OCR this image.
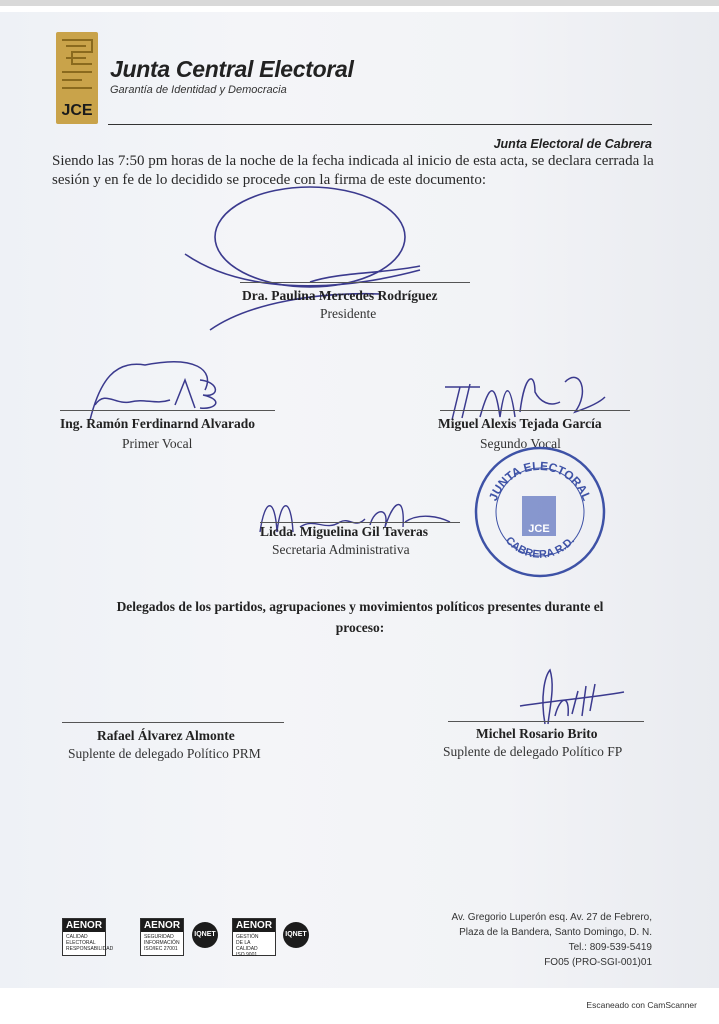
JCE
Junta Central Electoral
Garantía de Identidad y Democracia
Junta Electoral de Cabrera
Siendo las 7:50 pm horas de la noche de la fecha indicada al inicio de esta acta, se declara cerrada la sesión y en fe de lo decidido se procede con la firma de este documento:
Dra. Paulina Mercedes Rodríguez
Presidente
Ing. Ramón Ferdinarnd Alvarado
Primer Vocal
Miguel Alexis Tejada García
Segundo Vocal
Licda. Miguelina Gil Taveras
Secretaria Administrativa
JUNTA ELECTORAL
CABRERA R.D.
JCE
Delegados de los partidos, agrupaciones y movimientos políticos presentes durante el
proceso:
Rafael Álvarez Almonte
Suplente de delegado Político PRM
Michel Rosario Brito
Suplente de delegado Político FP
AENOR
CALIDAD
ELECTORAL
RESPONSABILIDAD
AENOR
SEGURIDAD
INFORMACIÓN
ISO/IEC 27001
IQNET
AENOR
GESTIÓN
DE LA CALIDAD
ISO 9001
IQNET
Av. Gregorio Luperón esq. Av. 27 de Febrero,
Plaza de la Bandera, Santo Domingo, D. N.
Tel.: 809-539-5419
FO05 (PRO-SGI-001)01
Escaneado con CamScanner
